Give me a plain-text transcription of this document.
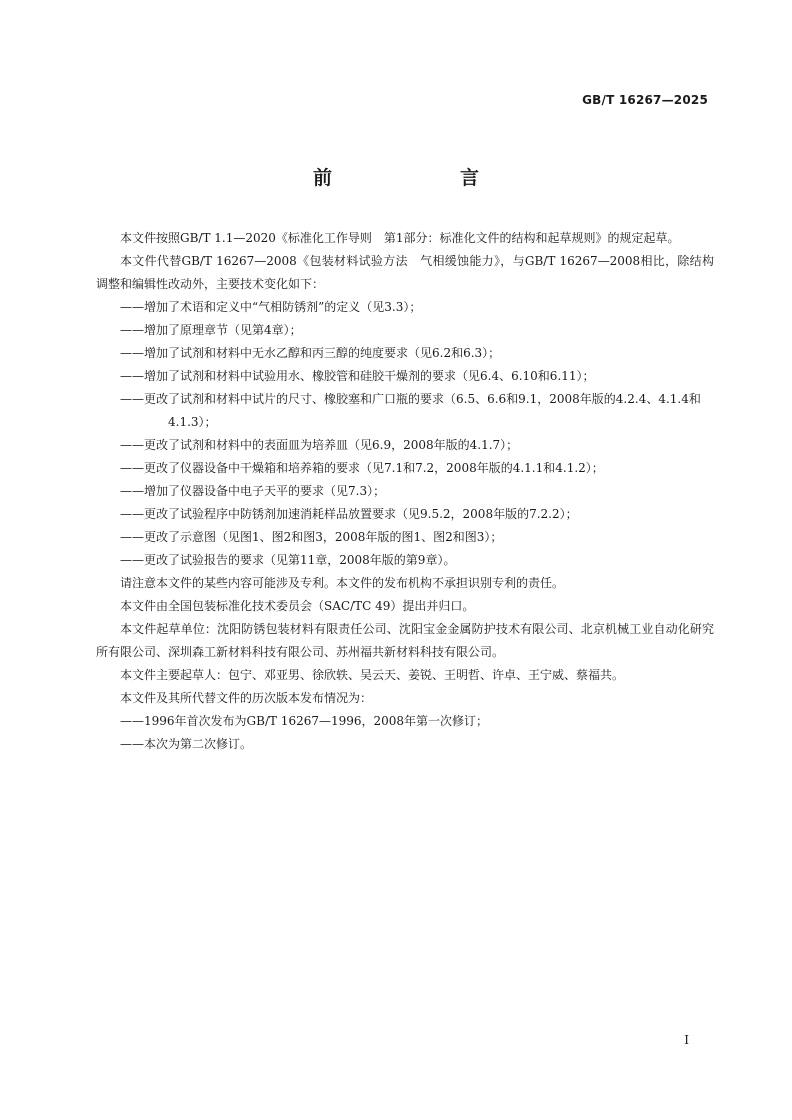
GB/T 16267—2025
前　　言

本文件按照GB/T 1.1—2020《标准化工作导则　第1部分：标准化文件的结构和起草规则》的规定起草。

本文件代替GB/T 16267—2008《包装材料试验方法　气相缓蚀能力》，与GB/T 16267—2008相比，除结构调整和编辑性改动外，主要技术变化如下：

——增加了术语和定义中“气相防锈剂”的定义（见3.3）；

——增加了原理章节（见第4章）；

——增加了试剂和材料中无水乙醇和丙三醇的纯度要求（见6.2和6.3）；

——增加了试剂和材料中试验用水、橡胶管和硅胶干燥剂的要求（见6.4、6.10和6.11）；

——更改了试剂和材料中试片的尺寸、橡胶塞和广口瓶的要求（6.5、6.6和9.1，2008年版的4.2.4、4.1.4和4.1.3）；

——更改了试剂和材料中的表面皿为培养皿（见6.9，2008年版的4.1.7）；

——更改了仪器设备中干燥箱和培养箱的要求（见7.1和7.2，2008年版的4.1.1和4.1.2）；

——增加了仪器设备中电子天平的要求（见7.3）；

——更改了试验程序中防锈剂加速消耗样品放置要求（见9.5.2，2008年版的7.2.2）；

——更改了示意图（见图1、图2和图3，2008年版的图1、图2和图3）；

——更改了试验报告的要求（见第11章，2008年版的第9章）。

请注意本文件的某些内容可能涉及专利。本文件的发布机构不承担识别专利的责任。

本文件由全国包装标准化技术委员会（SAC/TC 49）提出并归口。

本文件起草单位：沈阳防锈包装材料有限责任公司、沈阳宝金金属防护技术有限公司、北京机械工业自动化研究所有限公司、深圳森工新材料科技有限公司、苏州福共新材料科技有限公司。

本文件主要起草人：包宁、邓亚男、徐欣轶、吴云天、姜锐、王明哲、许卓、王宁威、蔡福共。

本文件及其所代替文件的历次版本发布情况为：

——1996年首次发布为GB/T 16267—1996，2008年第一次修订；

——本次为第二次修订。

I
